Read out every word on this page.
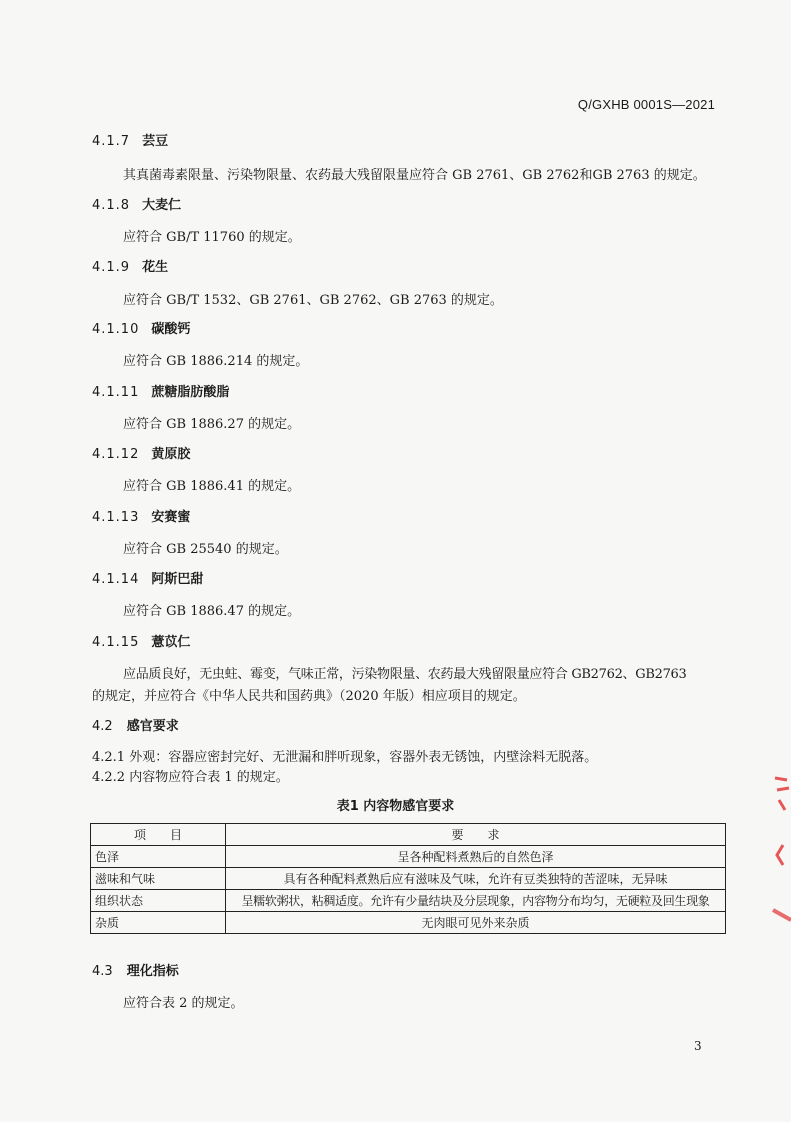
Q/GXHB 0001S—2021
4.1.7 芸豆
其真菌毒素限量、污染物限量、农药最大残留限量应符合 GB 2761、GB 2762和GB 2763 的规定。
4.1.8 大麦仁
应符合 GB/T 11760 的规定。
4.1.9 花生
应符合 GB/T 1532、GB 2761、GB 2762、GB 2763 的规定。
4.1.10 碳酸钙
应符合 GB 1886.214 的规定。
4.1.11 蔗糖脂肪酸脂
应符合 GB 1886.27 的规定。
4.1.12 黄原胶
应符合 GB 1886.41 的规定。
4.1.13 安赛蜜
应符合 GB 25540 的规定。
4.1.14 阿斯巴甜
应符合 GB 1886.47 的规定。
4.1.15 薏苡仁
应品质良好，无虫蛀、霉变，气味正常，污染物限量、农药最大残留限量应符合 GB2762、GB2763
的规定，并应符合《中华人民共和国药典》（2020 年版）相应项目的规定。
4.2 感官要求
4.2.1 外观：容器应密封完好、无泄漏和胖听现象，容器外表无锈蚀，内壁涂料无脱落。
4.2.2 内容物应符合表 1 的规定。
表1 内容物感官要求
项　　目	要　　求
色泽	呈各种配料煮熟后的自然色泽
滋味和气味	具有各种配料煮熟后应有滋味及气味，允许有豆类独特的苦涩味，无异味
组织状态	呈糯软粥状，粘稠适度。允许有少量结块及分层现象，内容物分布均匀，无硬粒及回生现象
杂质	无肉眼可见外来杂质
4.3 理化指标
应符合表 2 的规定。
3
